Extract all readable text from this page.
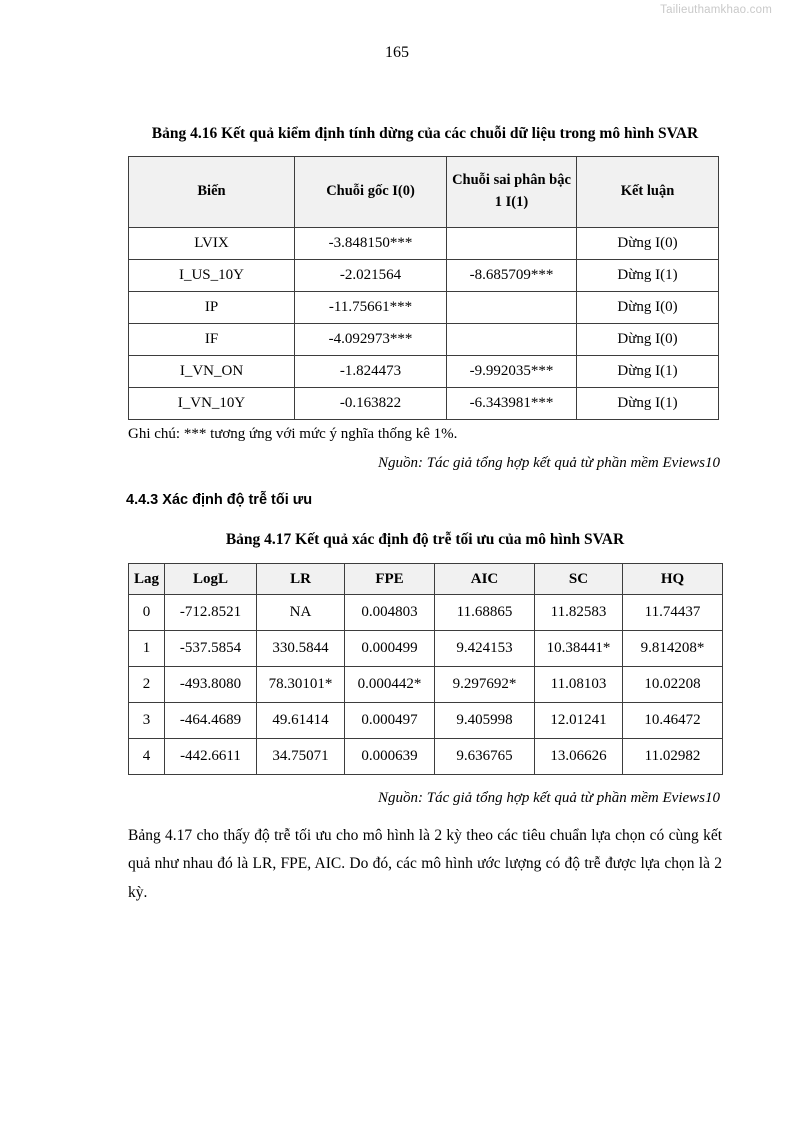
Tailieuthamkhao.com
165

Bảng 4.16 Kết quả kiểm định tính dừng của các chuỗi dữ liệu trong mô hình SVAR

Biến	Chuỗi gốc I(0)	Chuỗi sai phân bậc 1 I(1)	Kết luận
LVIX	-3.848150***		Dừng I(0)
I_US_10Y	-2.021564	-8.685709***	Dừng I(1)
IP	-11.75661***		Dừng I(0)
IF	-4.092973***		Dừng I(0)
I_VN_ON	-1.824473	-9.992035***	Dừng I(1)
I_VN_10Y	-0.163822	-6.343981***	Dừng I(1)

Ghi chú: *** tương ứng với mức ý nghĩa thống kê 1%.

Nguồn: Tác giả tổng hợp kết quả từ phần mềm Eviews10

4.4.3 Xác định độ trễ tối ưu

Bảng 4.17 Kết quả xác định độ trễ tối ưu của mô hình SVAR

Lag	LogL	LR	FPE	AIC	SC	HQ
0	-712.8521	NA	0.004803	11.68865	11.82583	11.74437
1	-537.5854	330.5844	0.000499	9.424153	10.38441*	9.814208*
2	-493.8080	78.30101*	0.000442*	9.297692*	11.08103	10.02208
3	-464.4689	49.61414	0.000497	9.405998	12.01241	10.46472
4	-442.6611	34.75071	0.000639	9.636765	13.06626	11.02982

Nguồn: Tác giả tổng hợp kết quả từ phần mềm Eviews10

Bảng 4.17 cho thấy độ trễ tối ưu cho mô hình là 2 kỳ theo các tiêu chuẩn lựa chọn có cùng kết quả như nhau đó là LR, FPE, AIC. Do đó, các mô hình ước lượng có độ trễ được lựa chọn là 2 kỳ.
